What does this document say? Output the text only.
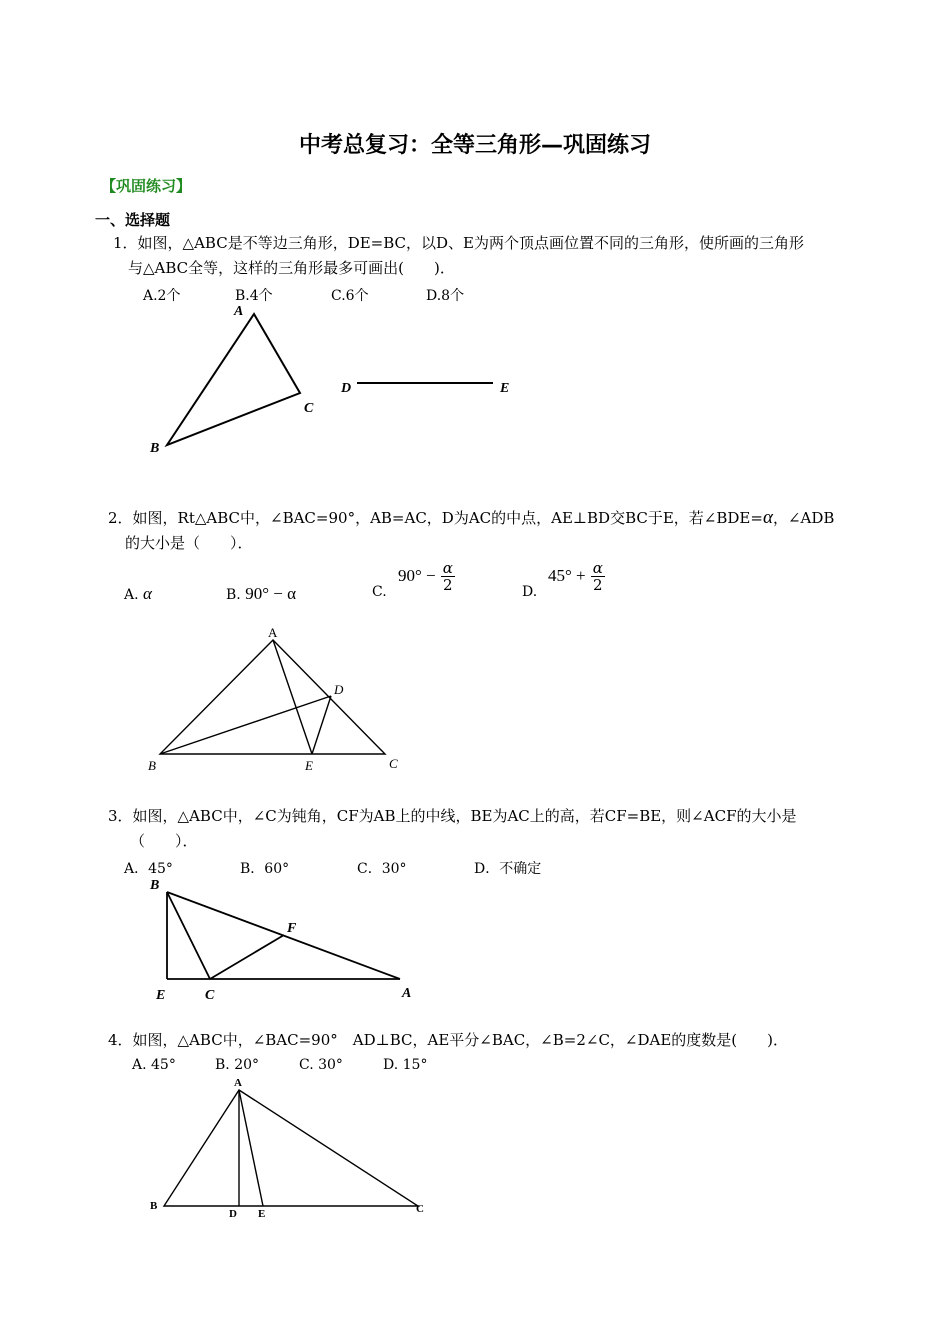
中考总复习：全等三角形—巩固练习
【巩固练习】
一、选择题
1．如图，△ABC是不等边三角形，DE=BC，以D、E为两个顶点画位置不同的三角形，使所画的三角形
与△ABC全等，这样的三角形最多可画出(　　)．
A.2个	B.4个	C.6个	D.8个
A
B
C
D	E
A
B	C
D
E
B
E	C	A
F
A
B	C
D E
2．如图，Rt△ABC中，∠BAC=90°，AB=AC，D为AC的中点，AE⊥BD交BC于E，若∠BDE=α，∠ADB
的大小是（　　）．
A. α	B. 90° − α	C.
$90^\circ - \frac{\alpha}{2}$	D.
$45^\circ + \frac{\alpha}{2}$
3．如图，△ABC中，∠C为钝角，CF为AB上的中线，BE为AC上的高，若CF=BE，则∠ACF的大小是
（　　）．
A．45°	B．60°	C．30°	D．不确定
4．如图，△ABC中，∠BAC=90°　AD⊥BC，AE平分∠BAC，∠B=2∠C，∠DAE的度数是(　　)．
A. 45°	B. 20°	C. 30°	D. 15°
